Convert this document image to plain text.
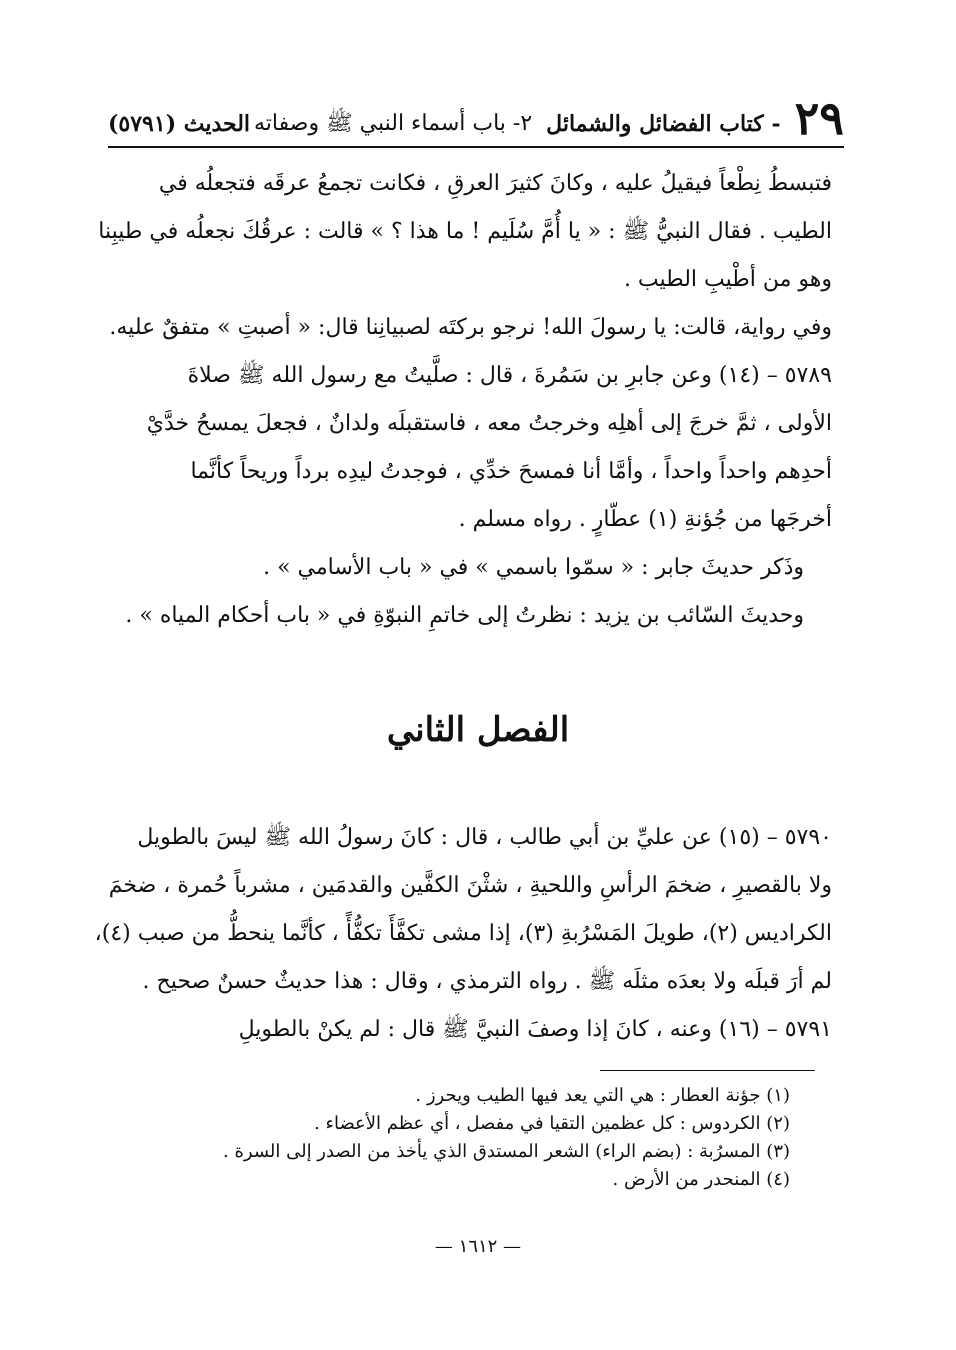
٢٩
- كتاب الفضائل والشمائل
٢- باب أسماء النبي ﷺ وصفاته
الحديث (٥٧٩١)
فتبسطُ نِطْعاً فيقيلُ عليه ، وكانَ كثيرَ العرقِ ، فكانت تجمعُ عرقَه فتجعلُه في
الطيب . فقال النبيُّ ﷺ : « يا أُمَّ سُلَيم ! ما هذا ؟ » قالت : عرقُكَ نجعلُه في طيبِنا
وهو من أطْيبِ الطيب .
وفي رواية، قالت: يا رسولَ الله! نرجو بركتَه لصبيانِنا قال: « أصبتِ » متفقٌ عليه.
٥٧٨٩ – (١٤) وعن جابرِ بن سَمُرةَ ، قال : صلَّيتُ مع رسول الله ﷺ صلاةَ
الأولى ، ثمَّ خرجَ إلى أهلِه وخرجتُ معه ، فاستقبلَه ولدانٌ ، فجعلَ يمسحُ خدَّيْ
أحدِهم واحداً واحداً ، وأمَّا أنا فمسحَ خدِّي ، فوجدتُ ليدِه برداً وريحاً كأنَّما
أخرجَها من جُؤنةِ (١) عطّارٍ . رواه مسلم .
وذَكر حديثَ جابر : « سمّوا باسمي » في « باب الأسامي » .
وحديثَ السّائب بن يزيد : نظرتُ إلى خاتمِ النبوّةِ في « باب أحكام المياه » .
الفصل الثاني
٥٧٩٠ – (١٥) عن عليِّ بن أبي طالب ، قال : كانَ رسولُ الله ﷺ ليسَ بالطويل
ولا بالقصيرِ ، ضخمَ الرأسِ واللحيةِ ، شثْنَ الكفَّين والقدمَين ، مشرباً حُمرة ، ضخمَ
الكراديس (٢)، طويلَ المَسْرُبةِ (٣)، إذا مشى تكفَّأَ تكفُّأً ، كأنَّما ينحطُّ من صبب (٤)،
لم أرَ قبلَه ولا بعدَه مثلَه ﷺ . رواه الترمذي ، وقال : هذا حديثٌ حسنٌ صحيح .
٥٧٩١ – (١٦) وعنه ، كانَ إذا وصفَ النبيَّ ﷺ قال : لم يكنْ بالطويلِ
(١) جؤنة العطار : هي التي يعد فيها الطيب ويحرز .
(٢) الكردوس : كل عظمين التقيا في مفصل ، أي عظم الأعضاء .
(٣) المسرُبة : (بضم الراء) الشعر المستدق الذي يأخذ من الصدر إلى السرة .
(٤) المنحدر من الأرض .
— ١٦١٢ —
